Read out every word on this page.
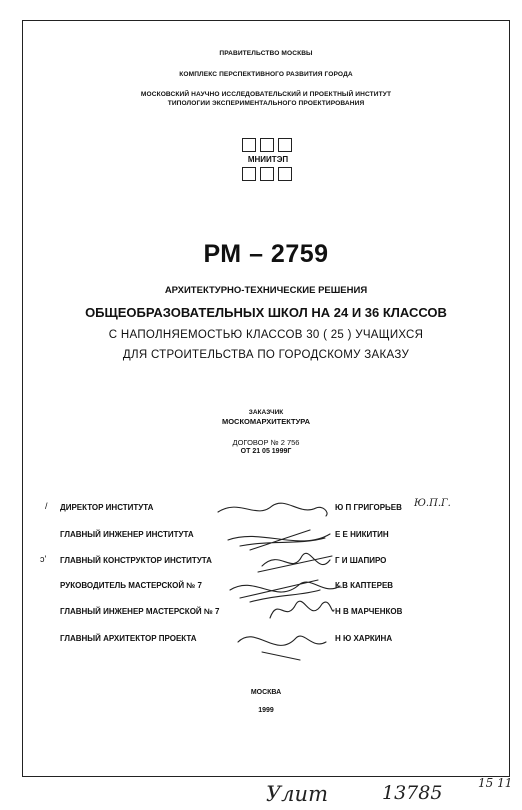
ПРАВИТЕЛЬСТВО МОСКВЫ
КОМПЛЕКС ПЕРСПЕКТИВНОГО РАЗВИТИЯ ГОРОДА
МОСКОВСКИЙ НАУЧНО ИССЛЕДОВАТЕЛЬСКИЙ И ПРОЕКТНЫЙ ИНСТИТУТ
ТИПОЛОГИИ ЭКСПЕРИМЕНТАЛЬНОГО ПРОЕКТИРОВАНИЯ
МНИИТЭП
РМ – 2759
АРХИТЕКТУРНО-ТЕХНИЧЕСКИЕ РЕШЕНИЯ
ОБЩЕОБРАЗОВАТЕЛЬНЫХ ШКОЛ НА 24 И 36 КЛАССОВ
С НАПОЛНЯЕМОСТЬЮ КЛАССОВ 30 ( 25 ) УЧАЩИХСЯ
ДЛЯ СТРОИТЕЛЬСТВА ПО ГОРОДСКОМУ ЗАКАЗУ
ЗАКАЗЧИК
МОСКОМАРХИТЕКТУРА
ДОГОВОР № 2 756
ОТ 21 05 1999Г
/
ↄ'
ДИРЕКТОР ИНСТИТУТА	Ю П ГРИГОРЬЕВ
ГЛАВНЫЙ ИНЖЕНЕР ИНСТИТУТА	Е Е НИКИТИН
ГЛАВНЫЙ КОНСТРУКТОР ИНСТИТУТА	Г И ШАПИРО
РУКОВОДИТЕЛЬ МАСТЕРСКОЙ № 7	К.В КАПТЕРЕВ
ГЛАВНЫЙ ИНЖЕНЕР МАСТЕРСКОЙ № 7	Н В МАРЧЕНКОВ
ГЛАВНЫЙ АРХИТЕКТОР ПРОЕКТА	Н Ю ХАРКИНА
Ю.П.Г.
МОСКВА
1999
Улит	13785	15 11
